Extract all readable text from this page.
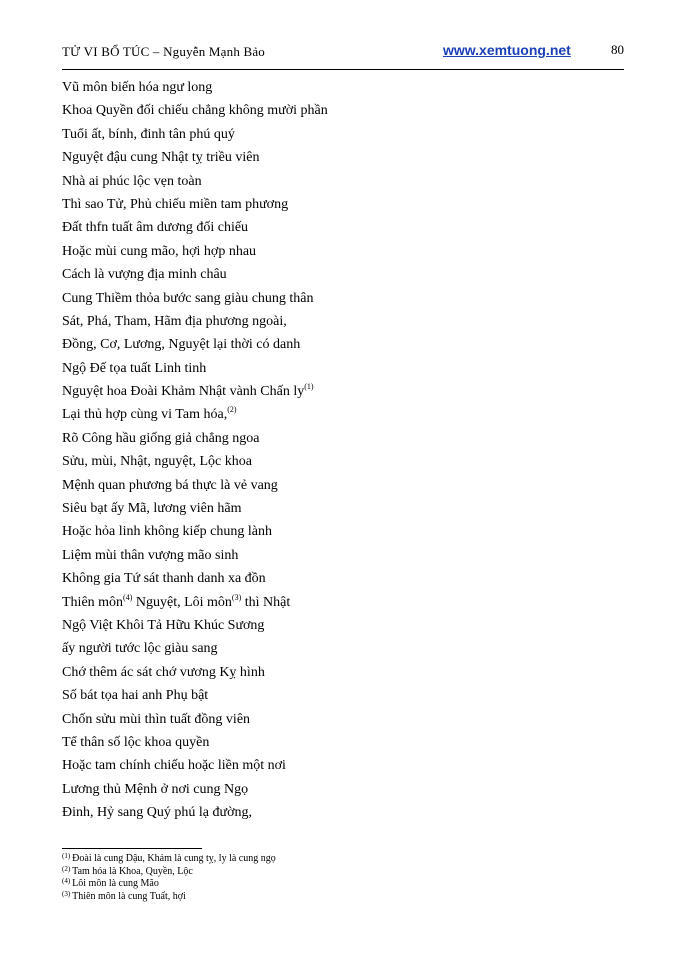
TỬ VI BỔ TÚC – Nguyễn Mạnh Bảo	www.xemtuong.net	80
Vũ môn biến hóa ngư long
Khoa Quyền đối chiếu chẳng không mười phần
Tuổi ất, bính, đinh tân phú quý
Nguyệt đậu cung Nhật tỵ triều viên
Nhà ai phúc lộc vẹn toàn
Thì sao Tử, Phủ chiếu miền tam phương
Đất thfn tuất âm dương đối chiếu
Hoặc mùi cung mão, hợi hợp nhau
Cách là vượng địa minh châu
Cung Thiềm thỏa bước sang giàu chung thân
Sát, Phá, Tham, Hãm địa phương ngoài,
Đồng, Cơ, Lương, Nguyệt lại thời có danh
Ngộ Đế tọa tuất Linh tinh
Nguyệt hoa Đoài Khảm Nhật vành Chấn $ly^{(1)}$
Lại thủ hợp cùng vi Tam hóa,$^{(2)}$
Rõ Công hầu giống giả chẳng ngoa
Sửu, mùi, Nhật, nguyệt, Lộc khoa
Mệnh quan phương bá thực là vẻ vang
Siêu bạt ấy Mã, lương viên hãm
Hoặc hỏa linh không kiếp chung lành
Liệm mùi thân vượng mão sinh
Không gia Tứ sát thanh danh xa đồn
Thiên môn$^{(4)}$ Nguyệt, Lôi môn$^{(3)}$ thì Nhật
Ngộ Việt Khôi Tả Hữu Khúc Sương
ấy người tước lộc giàu sang
Chớ thêm ác sát chớ vương Kỵ hình
Số bát tọa hai anh Phụ bật
Chốn sửu mùi thìn tuất đồng viên
Tể thân số lộc khoa quyền
Hoặc tam chính chiếu hoặc liền một nơi
Lương thủ Mệnh ở nơi cung Ngọ
Đinh, Hỷ sang Quý phú lạ đường,
$^{(1)}$ Đoài là cung Dậu, Khảm là cung tỵ, ly là cung ngọ
$^{(2)}$ Tam hóa là Khoa, Quyền, Lộc
$^{(4)}$ Lôi môn là cung Mão
$^{(3)}$ Thiên môn là cung Tuất, hợi
